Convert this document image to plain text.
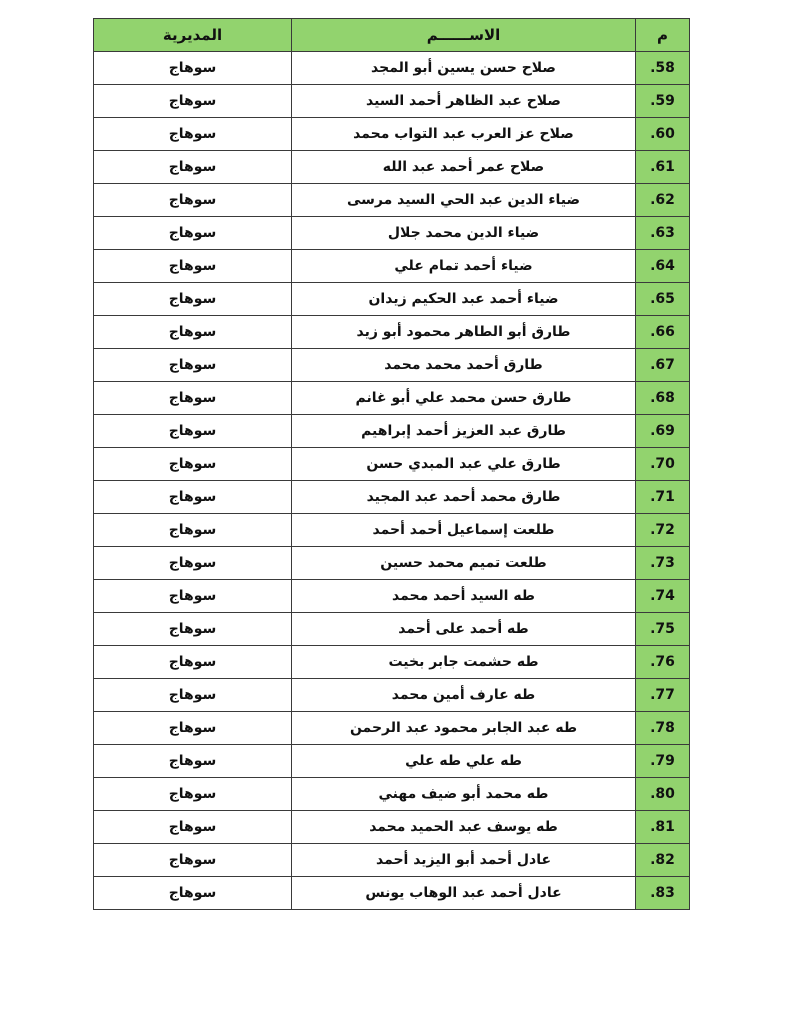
المديرية	الاســــــم	م
سوهاج	صلاح حسن يسين أبو المجد	.58
سوهاج	صلاح عبد الظاهر أحمد السيد	.59
سوهاج	صلاح عز العرب عبد التواب محمد	.60
سوهاج	صلاح عمر أحمد عبد الله	.61
سوهاج	ضياء الدين عبد الحي السيد مرسى	.62
سوهاج	ضياء الدين محمد جلال	.63
سوهاج	ضياء أحمد تمام علي	.64
سوهاج	ضياء أحمد عبد الحكيم زيدان	.65
سوهاج	طارق أبو الطاهر محمود أبو زيد	.66
سوهاج	طارق أحمد محمد محمد	.67
سوهاج	طارق حسن محمد علي أبو غانم	.68
سوهاج	طارق عبد العزيز أحمد إبراهيم	.69
سوهاج	طارق علي عبد المبدي حسن	.70
سوهاج	طارق محمد أحمد عبد المجيد	.71
سوهاج	طلعت إسماعيل أحمد أحمد	.72
سوهاج	طلعت تميم محمد حسين	.73
سوهاج	طه السيد أحمد محمد	.74
سوهاج	طه أحمد على أحمد	.75
سوهاج	طه حشمت جابر بخيت	.76
سوهاج	طه عارف أمين محمد	.77
سوهاج	طه عبد الجابر محمود عبد الرحمن	.78
سوهاج	طه علي طه علي	.79
سوهاج	طه محمد أبو ضيف مهني	.80
سوهاج	طه يوسف عبد الحميد محمد	.81
سوهاج	عادل أحمد أبو اليزيد أحمد	.82
سوهاج	عادل أحمد عبد الوهاب يونس	.83
